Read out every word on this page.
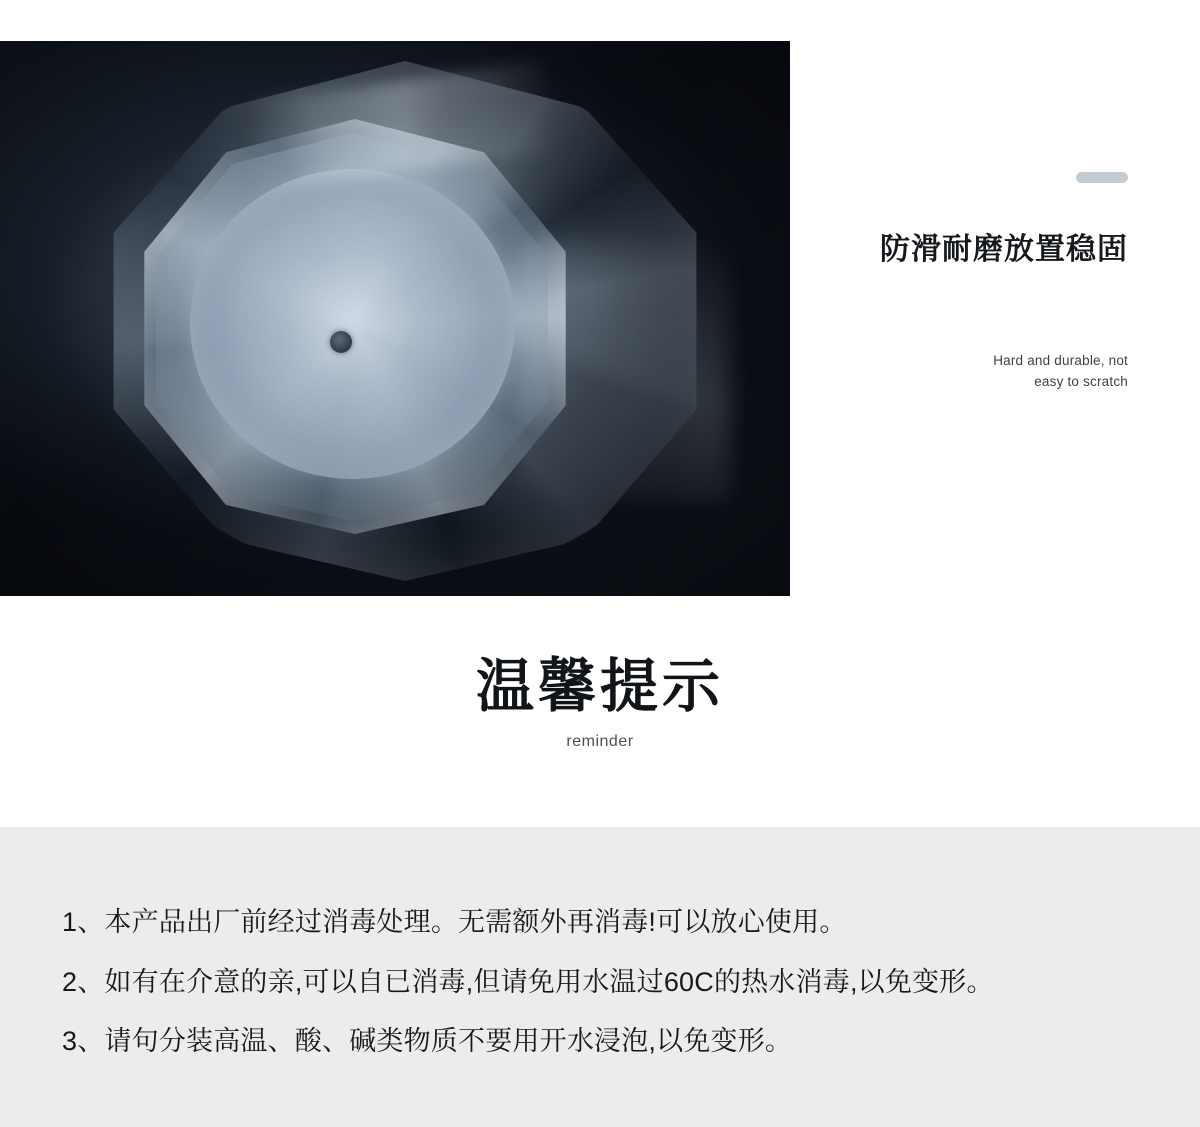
防滑耐磨放置稳固
Hard and durable, not
easy to scratch
温馨提示
reminder
1、本产品出厂前经过消毒处理。无需额外再消毒!可以放心使用。
2、如有在介意的亲,可以自已消毒,但请免用水温过60C的热水消毒,以免变形。
3、请句分装高温、酸、碱类物质不要用开水浸泡,以免变形。
